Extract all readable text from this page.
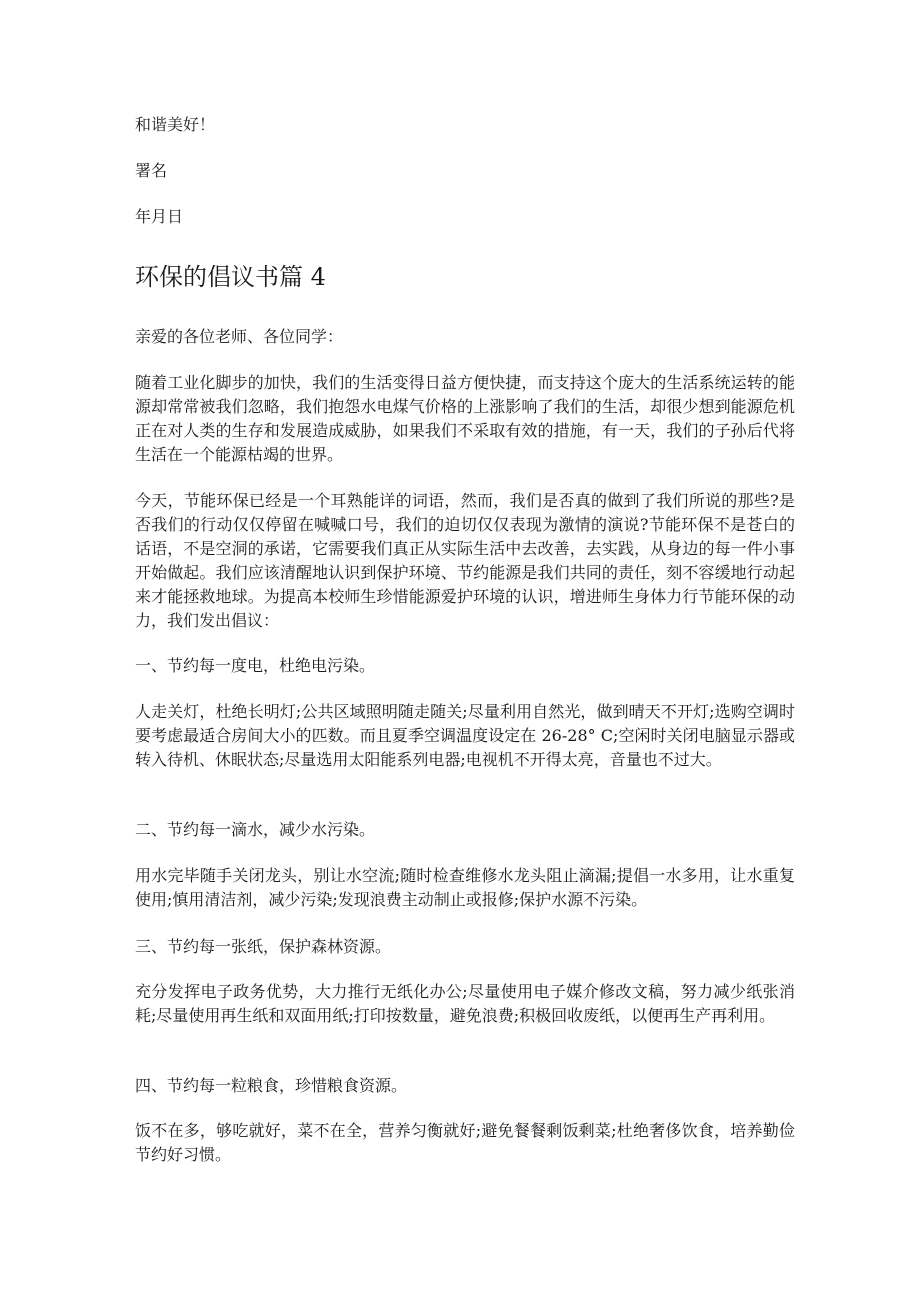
和谐美好！

署名

年月日

环保的倡议书篇 4

亲爱的各位老师、各位同学：

随着工业化脚步的加快，我们的生活变得日益方便快捷，而支持这个庞大的生活系统运转的能源却常常被我们忽略，我们抱怨水电煤气价格的上涨影响了我们的生活，却很少想到能源危机正在对人类的生存和发展造成威胁，如果我们不采取有效的措施，有一天，我们的子孙后代将生活在一个能源枯竭的世界。

今天，节能环保已经是一个耳熟能详的词语，然而，我们是否真的做到了我们所说的那些?是否我们的行动仅仅停留在喊喊口号，我们的迫切仅仅表现为激情的演说?节能环保不是苍白的话语，不是空洞的承诺，它需要我们真正从实际生活中去改善，去实践，从身边的每一件小事开始做起。我们应该清醒地认识到保护环境、节约能源是我们共同的责任，刻不容缓地行动起来才能拯救地球。为提高本校师生珍惜能源爱护环境的认识，增进师生身体力行节能环保的动力，我们发出倡议：

一、节约每一度电，杜绝电污染。

人走关灯，杜绝长明灯;公共区域照明随走随关;尽量利用自然光，做到晴天不开灯;选购空调时要考虑最适合房间大小的匹数。而且夏季空调温度设定在 26-28° C;空闲时关闭电脑显示器或转入待机、休眠状态;尽量选用太阳能系列电器;电视机不开得太亮，音量也不过大。

二、节约每一滴水，减少水污染。

用水完毕随手关闭龙头，别让水空流;随时检查维修水龙头阻止滴漏;提倡一水多用，让水重复使用;慎用清洁剂，减少污染;发现浪费主动制止或报修;保护水源不污染。

三、节约每一张纸，保护森林资源。

充分发挥电子政务优势，大力推行无纸化办公;尽量使用电子媒介修改文稿，努力减少纸张消耗;尽量使用再生纸和双面用纸;打印按数量，避免浪费;积极回收废纸，以便再生产再利用。

四、节约每一粒粮食，珍惜粮食资源。

饭不在多，够吃就好，菜不在全，营养匀衡就好;避免餐餐剩饭剩菜;杜绝奢侈饮食，培养勤俭节约好习惯。
